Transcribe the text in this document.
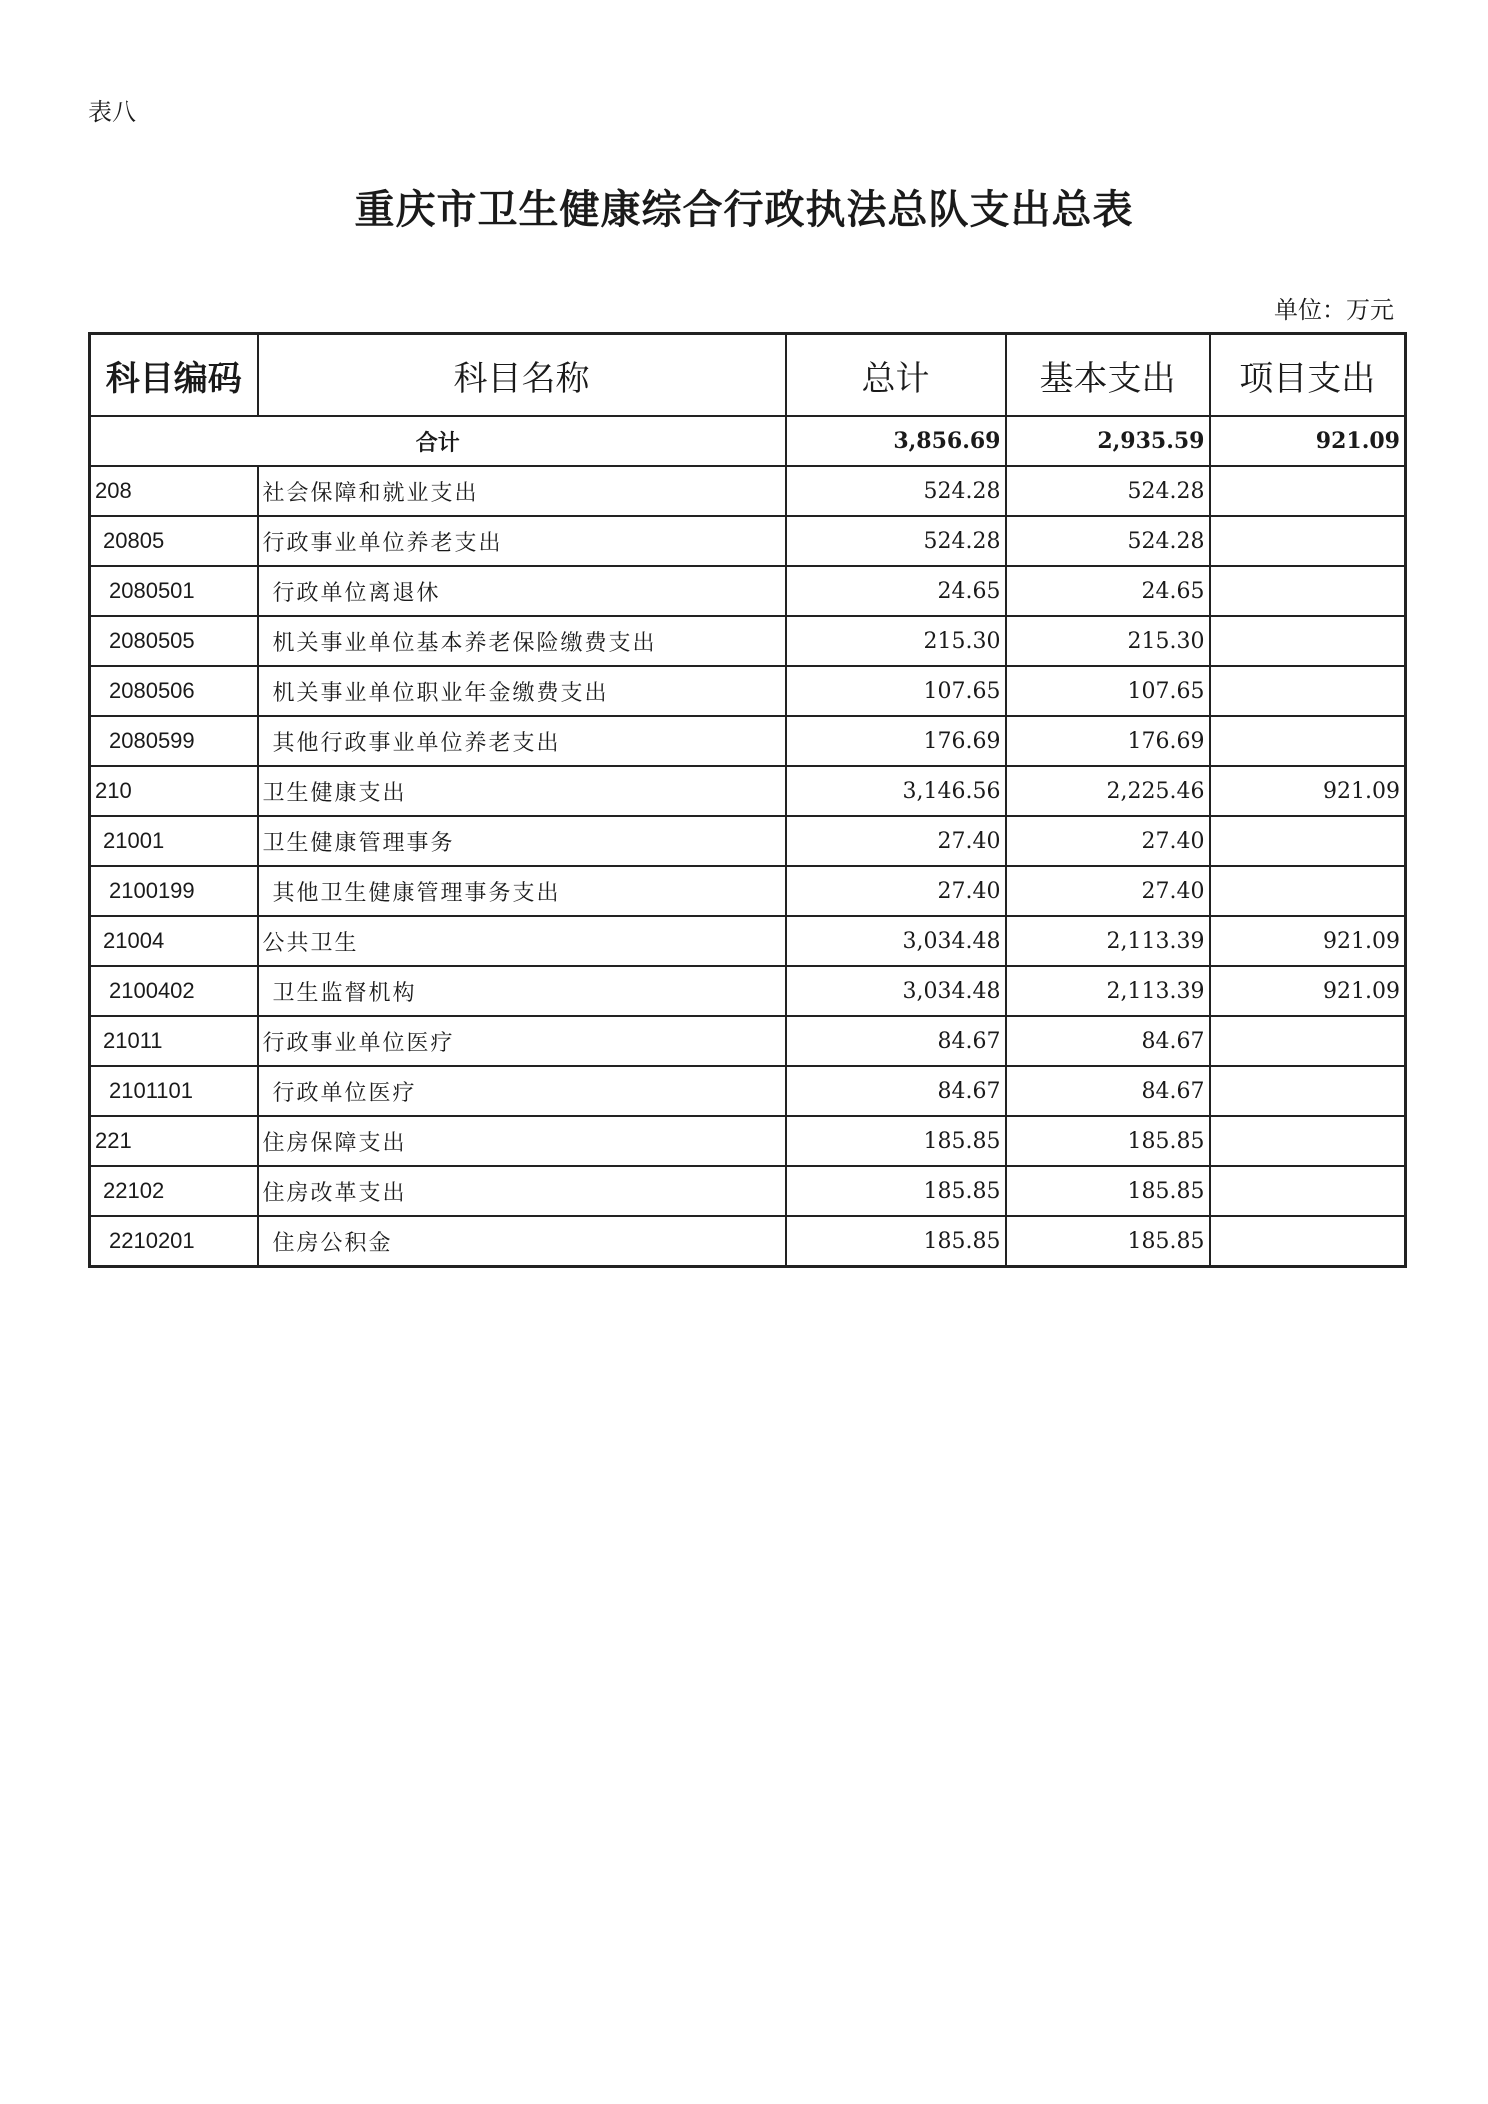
表八
重庆市卫生健康综合行政执法总队支出总表
单位：万元
科目编码	科目名称	总计	基本支出	项目支出
合计		3,856.69	2,935.59	921.09
208	社会保障和就业支出	524.28	524.28	
20805	行政事业单位养老支出	524.28	524.28	
2080501	行政单位离退休	24.65	24.65	
2080505	机关事业单位基本养老保险缴费支出	215.30	215.30	
2080506	机关事业单位职业年金缴费支出	107.65	107.65	
2080599	其他行政事业单位养老支出	176.69	176.69	
210	卫生健康支出	3,146.56	2,225.46	921.09
21001	卫生健康管理事务	27.40	27.40	
2100199	其他卫生健康管理事务支出	27.40	27.40	
21004	公共卫生	3,034.48	2,113.39	921.09
2100402	卫生监督机构	3,034.48	2,113.39	921.09
21011	行政事业单位医疗	84.67	84.67	
2101101	行政单位医疗	84.67	84.67	
221	住房保障支出	185.85	185.85	
22102	住房改革支出	185.85	185.85	
2210201	住房公积金	185.85	185.85	
